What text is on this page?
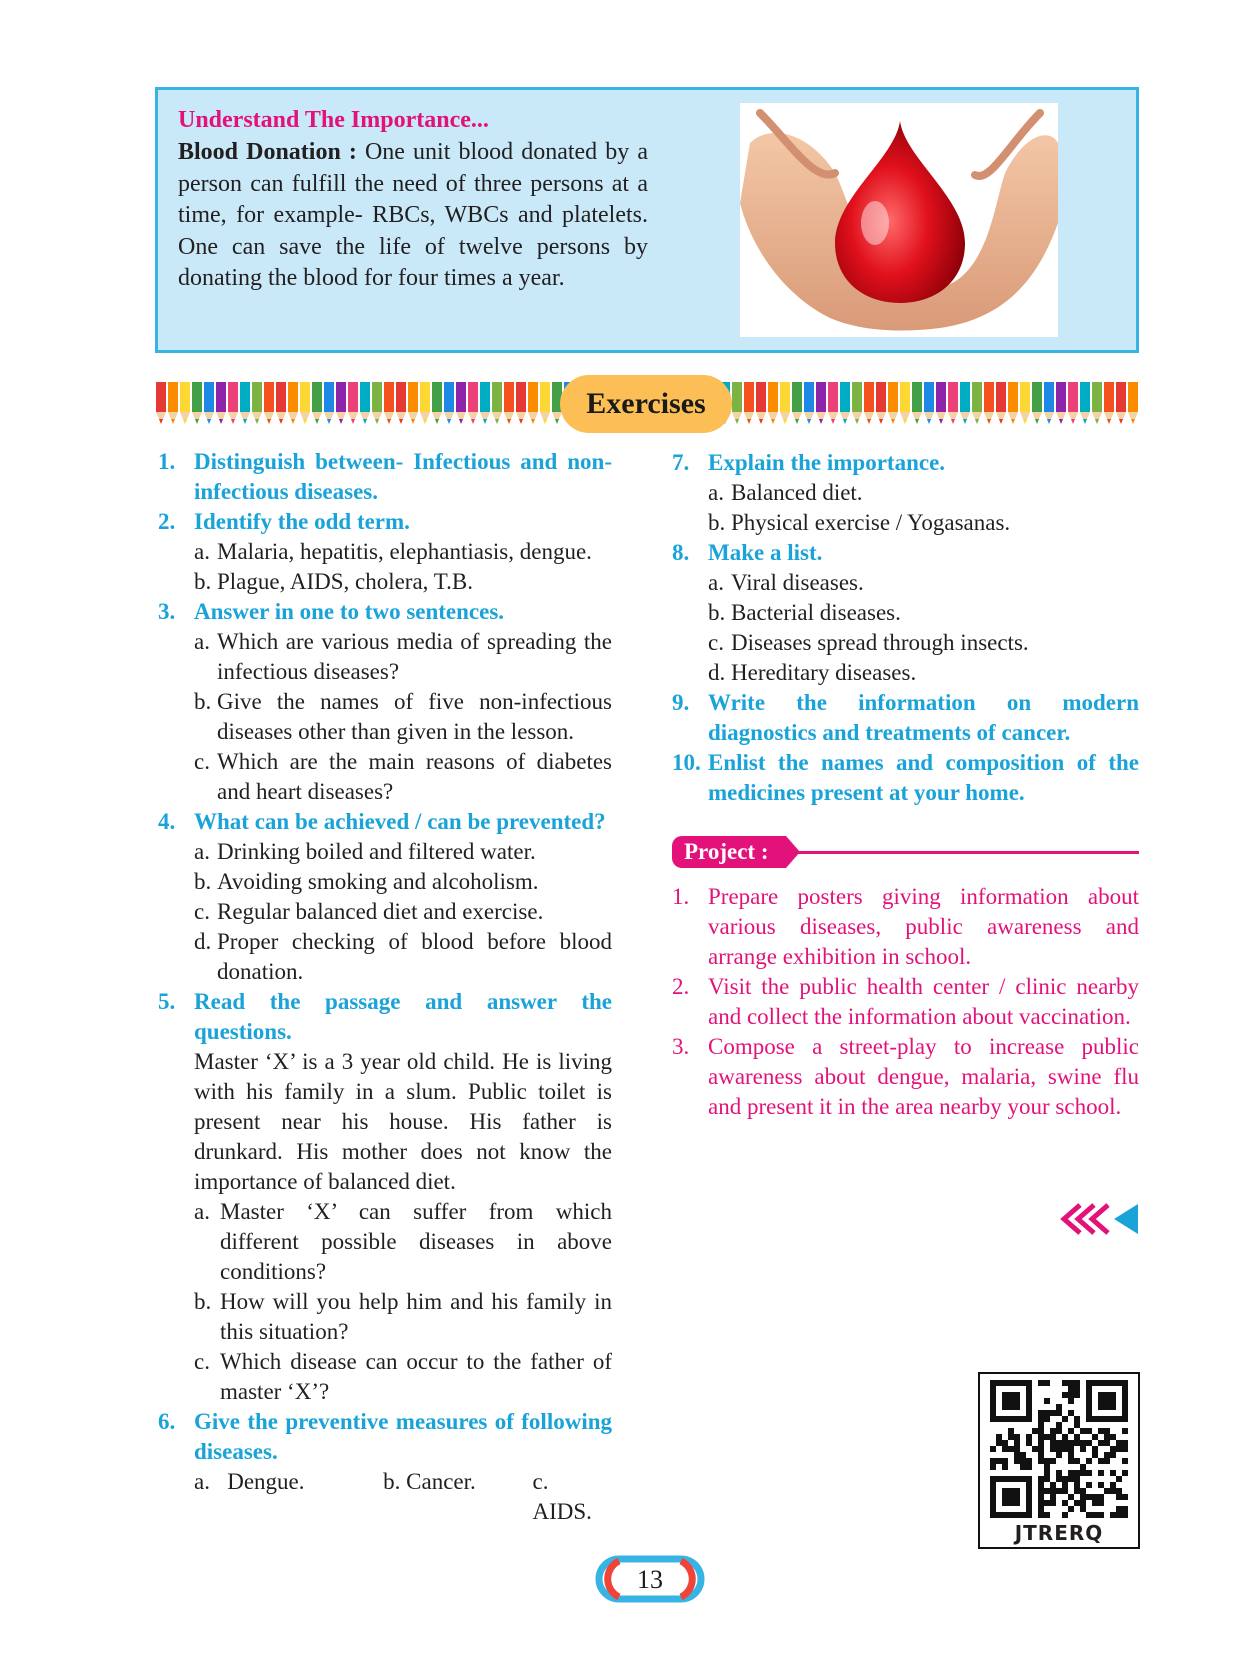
Understand The Importance...
Blood Donation : One unit blood donated by a person can fulfill the need of three persons at a time, for example- RBCs, WBCs and platelets. One can save the life of twelve persons by donating the blood for four times a year.
Exercises
1. Distinguish between- Infectious and non-infectious diseases.
2. Identify the odd term.
a. Malaria, hepatitis, elephantiasis, dengue.
b. Plague, AIDS, cholera, T.B.
3. Answer in one to two sentences.
a. Which are various media of spreading the infectious diseases?
b. Give the names of five non-infectious diseases other than given in the lesson.
c. Which are the main reasons of diabetes and heart diseases?
4. What can be achieved / can be prevented?
a. Drinking boiled and filtered water.
b. Avoiding smoking and alcoholism.
c. Regular balanced diet and exercise.
d. Proper checking of blood before blood donation.
5. Read the passage and answer the questions.
Master ‘X’ is a 3 year old child. He is living with his family in a slum. Public toilet is present near his house. His father is drunkard. His mother does not know the importance of balanced diet.
a. Master ‘X’ can suffer from which different possible diseases in above conditions?
b. How will you help him and his family in this situation?
c. Which disease can occur to the father of master ‘X’?
6. Give the preventive measures of following diseases.
a.   Dengue.	b. Cancer.	c. AIDS.
7. Explain the importance.
a. Balanced diet.
b. Physical exercise / Yogasanas.
8. Make a list.
a. Viral diseases.
b. Bacterial diseases.
c. Diseases spread through insects.
d. Hereditary diseases.
9. Write the information on modern diagnostics and treatments of cancer.
10. Enlist the names and composition of the medicines present at your home.
Project :
1. Prepare posters giving information about various diseases, public awareness and arrange exhibition in school.
2. Visit the public health center / clinic nearby and collect the information about vaccination.
3. Compose a street-play to increase public awareness about dengue, malaria, swine flu and present it in the area nearby your school.
JTRERQ
13
